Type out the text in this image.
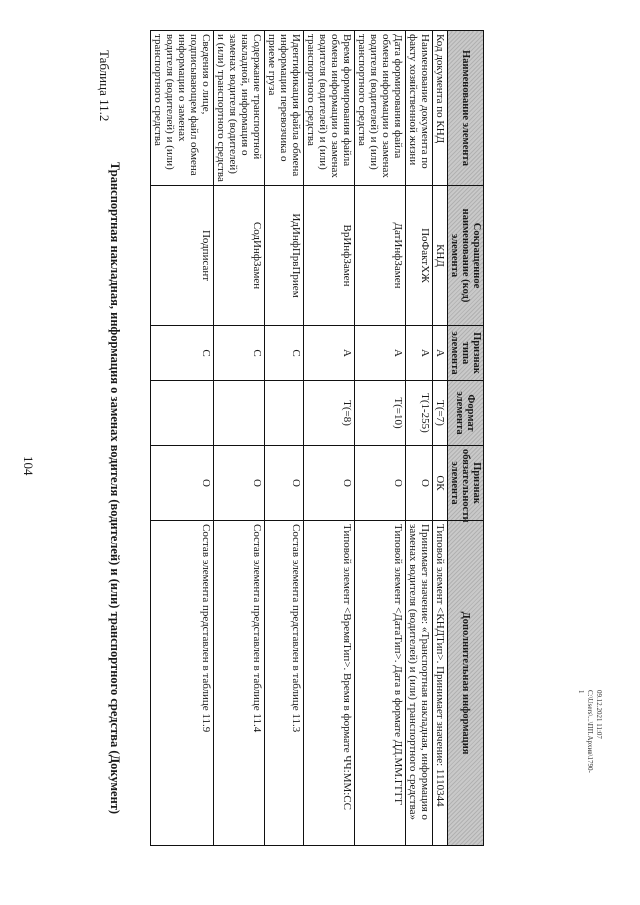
104
Таблица 11.2
Транспортная накладная, информация о заменах водителя (водителей) и (или) транспортного средства (Документ)
Наименование элемента	Сокращенное наименование (код) элемента	Признак типа элемента	Формат элемента	Признак обязательности элемента	Дополнительная информация
Код документа по КНД	КНД	А	Т(=7)	ОК	Типовой элемент <КНДТип>. Принимает значение: 1110344
Наименование документа по факту хозяйственной жизни	ПоФактХЖ	А	Т(1-255)	О	Принимает значение: «Транспортная накладная, информация о заменах водителя (водителей) и (или) транспортного средства»
Дата формирования файла обмена информации о заменах водителя (водителей) и (или) транспортного средства	ДатИнфЗамен	А	Т(=10)	О	Типовой элемент <ДатаТип>. Дата в формате ДД.ММ.ГГГГ
Время формирования файла обмена информации о заменах водителя (водителей) и (или) транспортного средства	ВрИнфЗамен	А	Т(=8)	О	Типовой элемент <ВремяТип>. Время в формате ЧЧ:ММ:СС
Идентификация файла обмена информации перевозчика о приеме груза	ИдИнфПрвПрием	С		О	Состав элемента представлен в таблице 11.3
Содержание транспортной накладной, информация о заменах водителя (водителей) и (или) транспортного средства	СодИнфЗамен	С		О	Состав элемента представлен в таблице 11.4
Сведения о лице, подписывающем файл обмена информации о заменах водителя (водителей) и (или) транспортного средства	Подписант	С		О	Состав элемента представлен в таблице 11.9	09.12.2021 11:07
C:\Users\...\ПП.Архив\1790-1
